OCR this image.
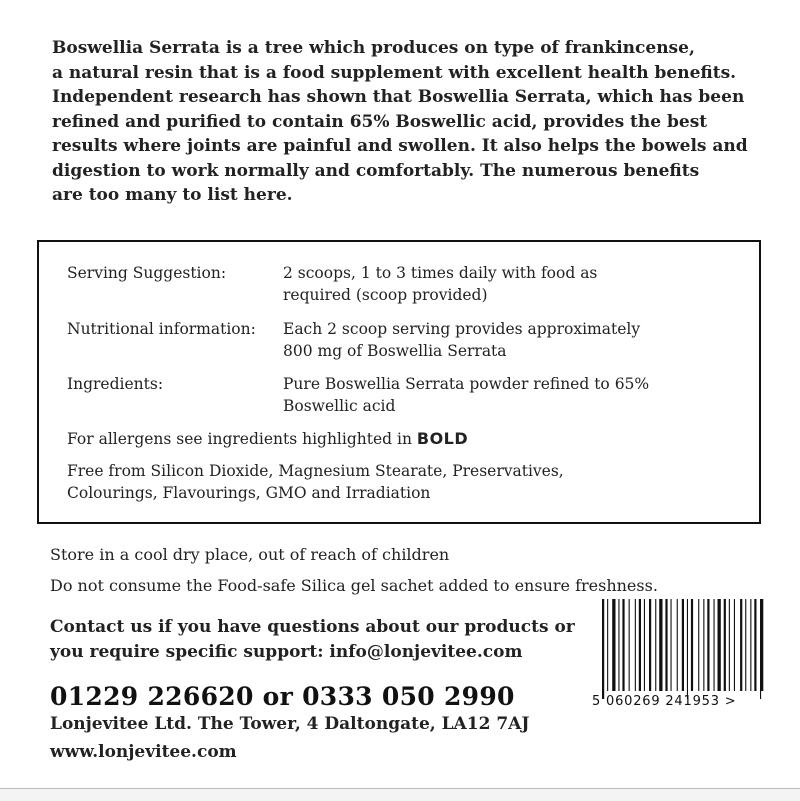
Boswellia Serrata is a tree which produces on type of frankincense,
a natural resin that is a food supplement with excellent health benefits.
Independent research has shown that Boswellia Serrata, which has been
refined and purified to contain 65% Boswellic acid, provides the best
results where joints are painful and swollen. It also helps the bowels and
digestion to work normally and comfortably. The numerous benefits
are too many to list here.
Serving Suggestion:	2 scoops, 1 to 3 times daily with food as
required (scoop provided)
Nutritional information: Each 2 scoop serving provides approximately
800 mg of Boswellia Serrata
Ingredients:	Pure Boswellia Serrata powder refined to 65%
Boswellic acid
For allergens see ingredients highlighted in BOLD
Free from Silicon Dioxide, Magnesium Stearate, Preservatives,
Colourings, Flavourings, GMO and Irradiation
Store in a cool dry place, out of reach of children
Do not consume the Food-safe Silica gel sachet added to ensure freshness.
Contact us if you have questions about our products or
you require specific support: info@lonjevitee.com
01229 226620 or 0333 050 2990
Lonjevitee Ltd. The Tower, 4 Daltongate, LA12 7AJ
www.lonjevitee.com
5 060269 241953 >
